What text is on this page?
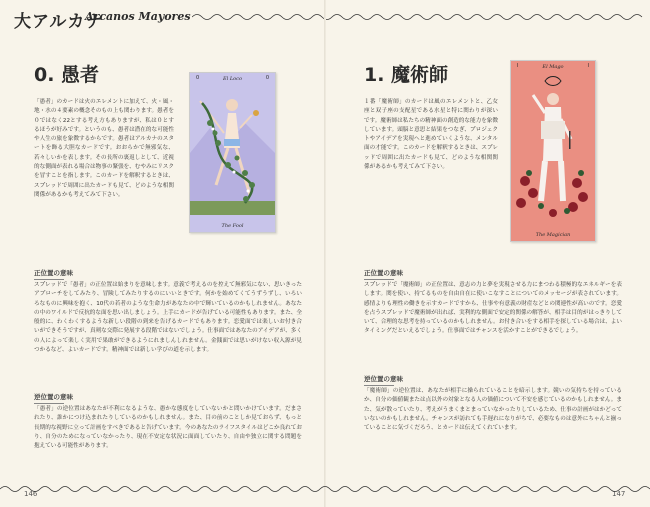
大アルカナ
Arcanos Mayores
0. 愚者
「愚者」のカードは火のエレメントに加えて、火・風・地・水の４要素の概念そのもの上も関わります。愚者を０ではなく22とする考え方もありますが、私は０とするほうが好みです。というのも、愚者は潜在的な可能性や人生の旅を象徴するからです。愚者はアルカナのスタートを飾る大胆なカードです。おおらかで無邪気な、若々しいかを表します。その長所の裏返しとして、近視的な側面が表れる場合は物事の緊張を、むやみにリスクを冒すことを指します。このカードを解釈するときは、スプレッドで周囲に出たカードも見て、どのような相関関係があるかも考えてみて下さい。
0	0
El Loco
The Fool
正位置の意味
スプレッドで「愚者」の正位置は始まりを意味します。意義で考えるのを控えて無邪気にない、思いきったアプローチをしてみたり、冒険してみたりするのにいいときです。何かを始めてくてうずうずし、いろいろなものに興味を抱く、10代の若者のような生命力があなたの中で輝いているのかもしれません。あなたの中のワイルドで反抗的な面を思い出しましょう。上手にカードが告げている可能性もあります。また、全般的に、わくわくするような新しい段階の到来を告げるカードでもあります。恋愛面では楽しいお付き合いができそうですが、真剣な交際に発展する段階ではないでしょう。仕事面ではあなたのアイデアが、多くの人によって楽しく実用で果敢ができるようにれましんしれません。金銭面では思いがけない収入源が見つかるなど、よいカードです。精神面では新しい学びの道を示します。
逆位置の意味
「愚者」の逆位置はあなたが不利になるような、愚かな態度をしていないかと問いかけています。だまされたり、誰かにつけ込まれたりしているのかもしれません。また、目の前のことしか見ておらず、もっと長期的な視野に立って計画をすべきであると告げています。今のあなたのライフスタイルはどこか良れており、自分のためになっていなかったり、現在不安定な状況に面面していたり、自由や独立に関する問題を抱えている可能性があります。
146
1. 魔術師
１番「魔術師」のカードは風のエレメントと、乙女座と双子座の支配星である水星と特に関わりが深いです。魔術師は私たちの精神面の創造的な能力を象徴しています。頭脳と意思と結果をつなぎ、プロジェクトやアイデアを実現へと進めていくような、メンタル面の才能です。このカードを解釈するときは、スプレッドで周囲に出たカードも見て、どのような相関関係があるかも考えてみて下さい。
I	I
El Mago
The Magician
正位置の意味
スプレッドで「魔術師」の正位置は、意志の力と夢を実現させる力にまつわる積極的なエネルギーを表します。関を使い、持てるものを自由自在に使いこなすことについてのメッセージが表されています。感情よりも理性の働きを示すカードですから、仕事や有意義の財産などとの関連性が高いのです。恋愛を占うスプレッドで魔術師が出れば、実利的な側面で安定的関係の解答が、相手は目的がはっきりしていて、合理的な思考を持っているのかもしれません。お付き合いをする相手を探している場合は、よいタイミングだといえるでしょう。仕事面ではチャンスを活かすことができるでしょう。
逆位置の意味
「魔術師」の逆位置は、あなたが相手に操られていることを暗示します。競いの気持ちを持っているか、自分の価値観または点以外の対象となる人の価値について不安を感じているのかもしれません。また、気が散っていたり、考えがうまくまとまっていなかったりしているため、仕事の計画がはかどっていないのかもしれません。チャンスが訪れても手遅れになりがちで、必要なものは意外にちゃんと揃っていることに気づくだろう、とカードは伝えてくれています。
147
